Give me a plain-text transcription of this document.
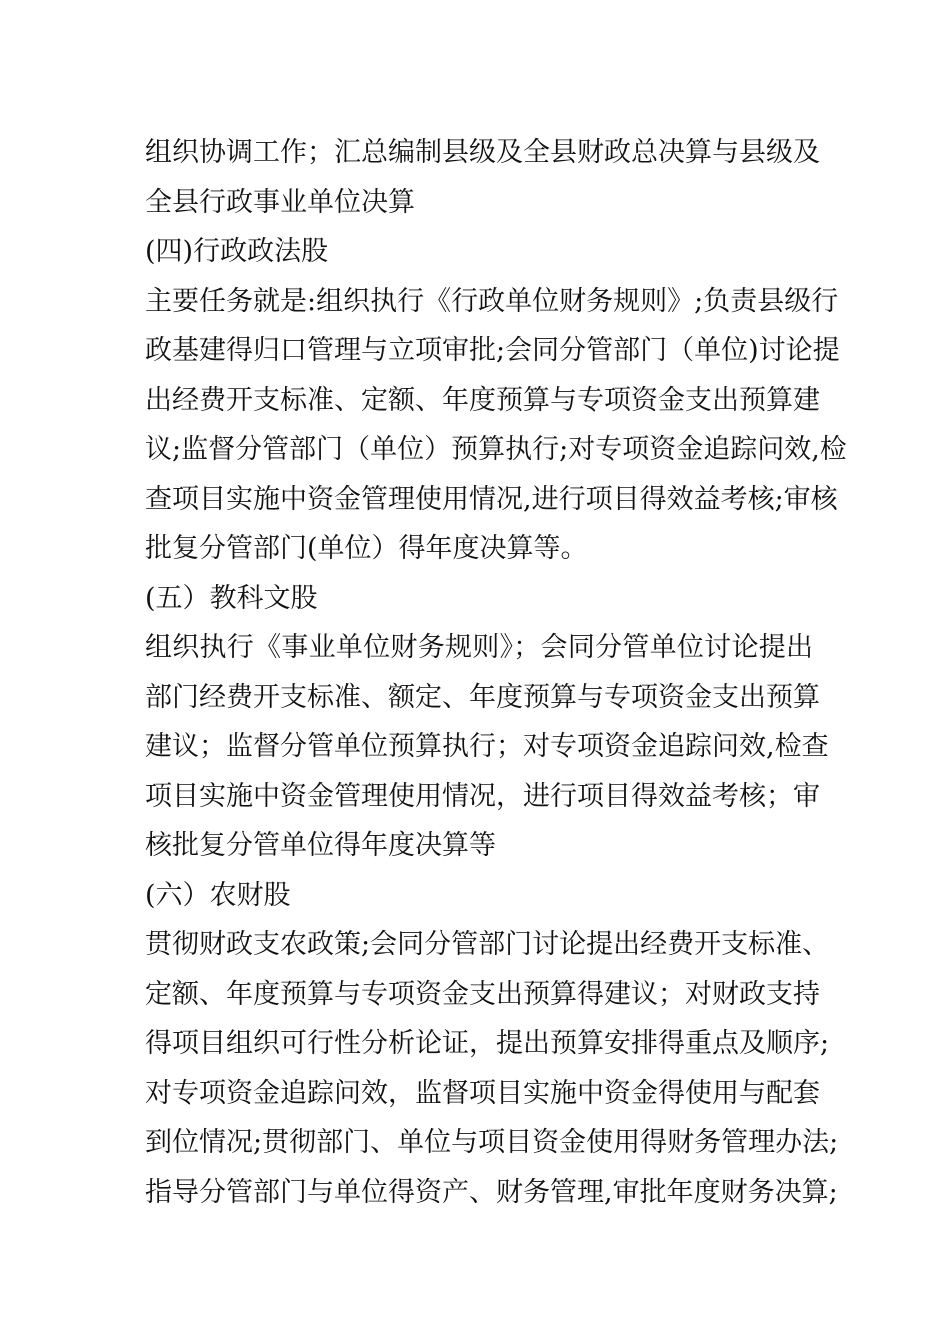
组织协调工作；汇总编制县级及全县财政总决算与县级及
全县行政事业单位决算
(四)行政政法股
主要任务就是:组织执行《行政单位财务规则》;负责县级行
政基建得归口管理与立项审批;会同分管部门（单位)讨论提
出经费开支标准、定额、年度预算与专项资金支出预算建
议;监督分管部门（单位）预算执行;对专项资金追踪问效,检
查项目实施中资金管理使用情况,进行项目得效益考核;审核
批复分管部门(单位）得年度决算等。
(五）教科文股
组织执行《事业单位财务规则》；会同分管单位讨论提出
部门经费开支标准、额定、年度预算与专项资金支出预算
建议；监督分管单位预算执行；对专项资金追踪问效,检查
项目实施中资金管理使用情况，进行项目得效益考核；审
核批复分管单位得年度决算等
(六）农财股
贯彻财政支农政策;会同分管部门讨论提出经费开支标准、
定额、年度预算与专项资金支出预算得建议；对财政支持
得项目组织可行性分析论证，提出预算安排得重点及顺序;
对专项资金追踪问效，监督项目实施中资金得使用与配套
到位情况;贯彻部门、单位与项目资金使用得财务管理办法;
指导分管部门与单位得资产、财务管理,审批年度财务决算;
